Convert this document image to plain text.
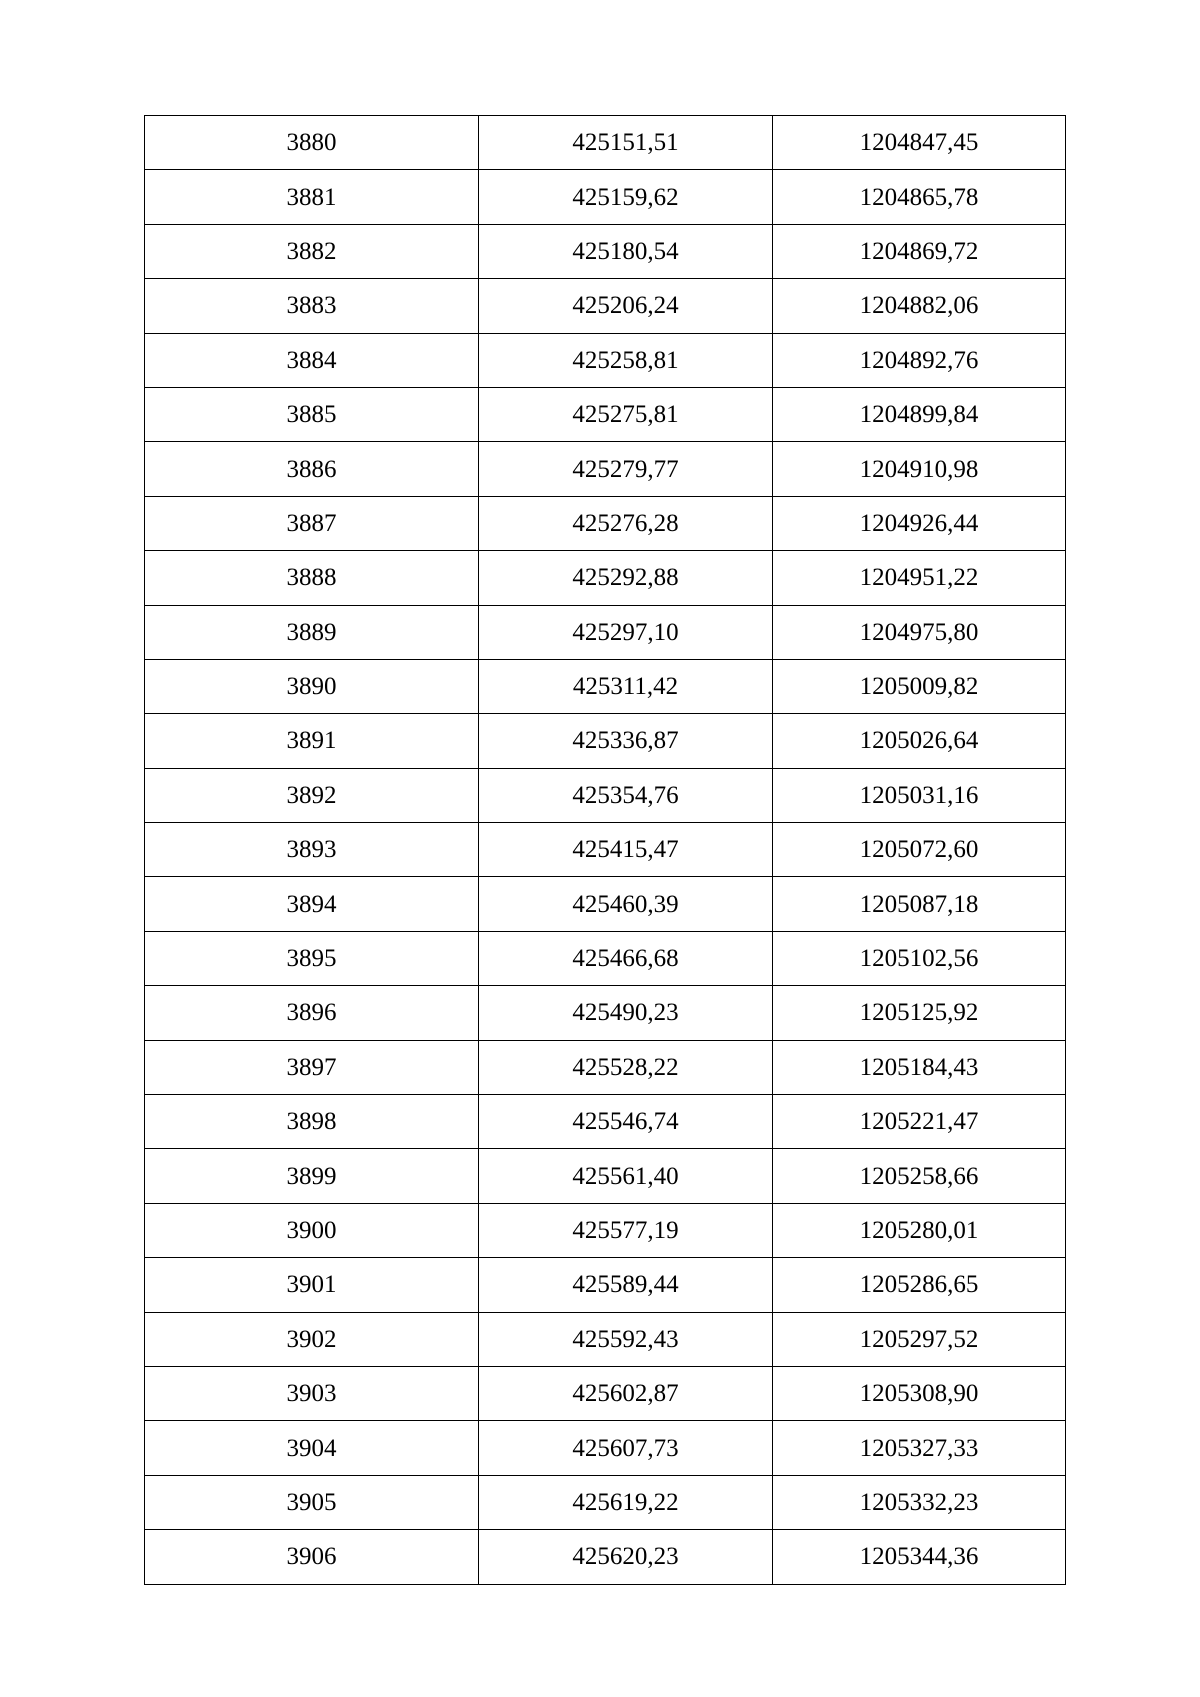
3880	425151,51	1204847,45
3881	425159,62	1204865,78
3882	425180,54	1204869,72
3883	425206,24	1204882,06
3884	425258,81	1204892,76
3885	425275,81	1204899,84
3886	425279,77	1204910,98
3887	425276,28	1204926,44
3888	425292,88	1204951,22
3889	425297,10	1204975,80
3890	425311,42	1205009,82
3891	425336,87	1205026,64
3892	425354,76	1205031,16
3893	425415,47	1205072,60
3894	425460,39	1205087,18
3895	425466,68	1205102,56
3896	425490,23	1205125,92
3897	425528,22	1205184,43
3898	425546,74	1205221,47
3899	425561,40	1205258,66
3900	425577,19	1205280,01
3901	425589,44	1205286,65
3902	425592,43	1205297,52
3903	425602,87	1205308,90
3904	425607,73	1205327,33
3905	425619,22	1205332,23
3906	425620,23	1205344,36
